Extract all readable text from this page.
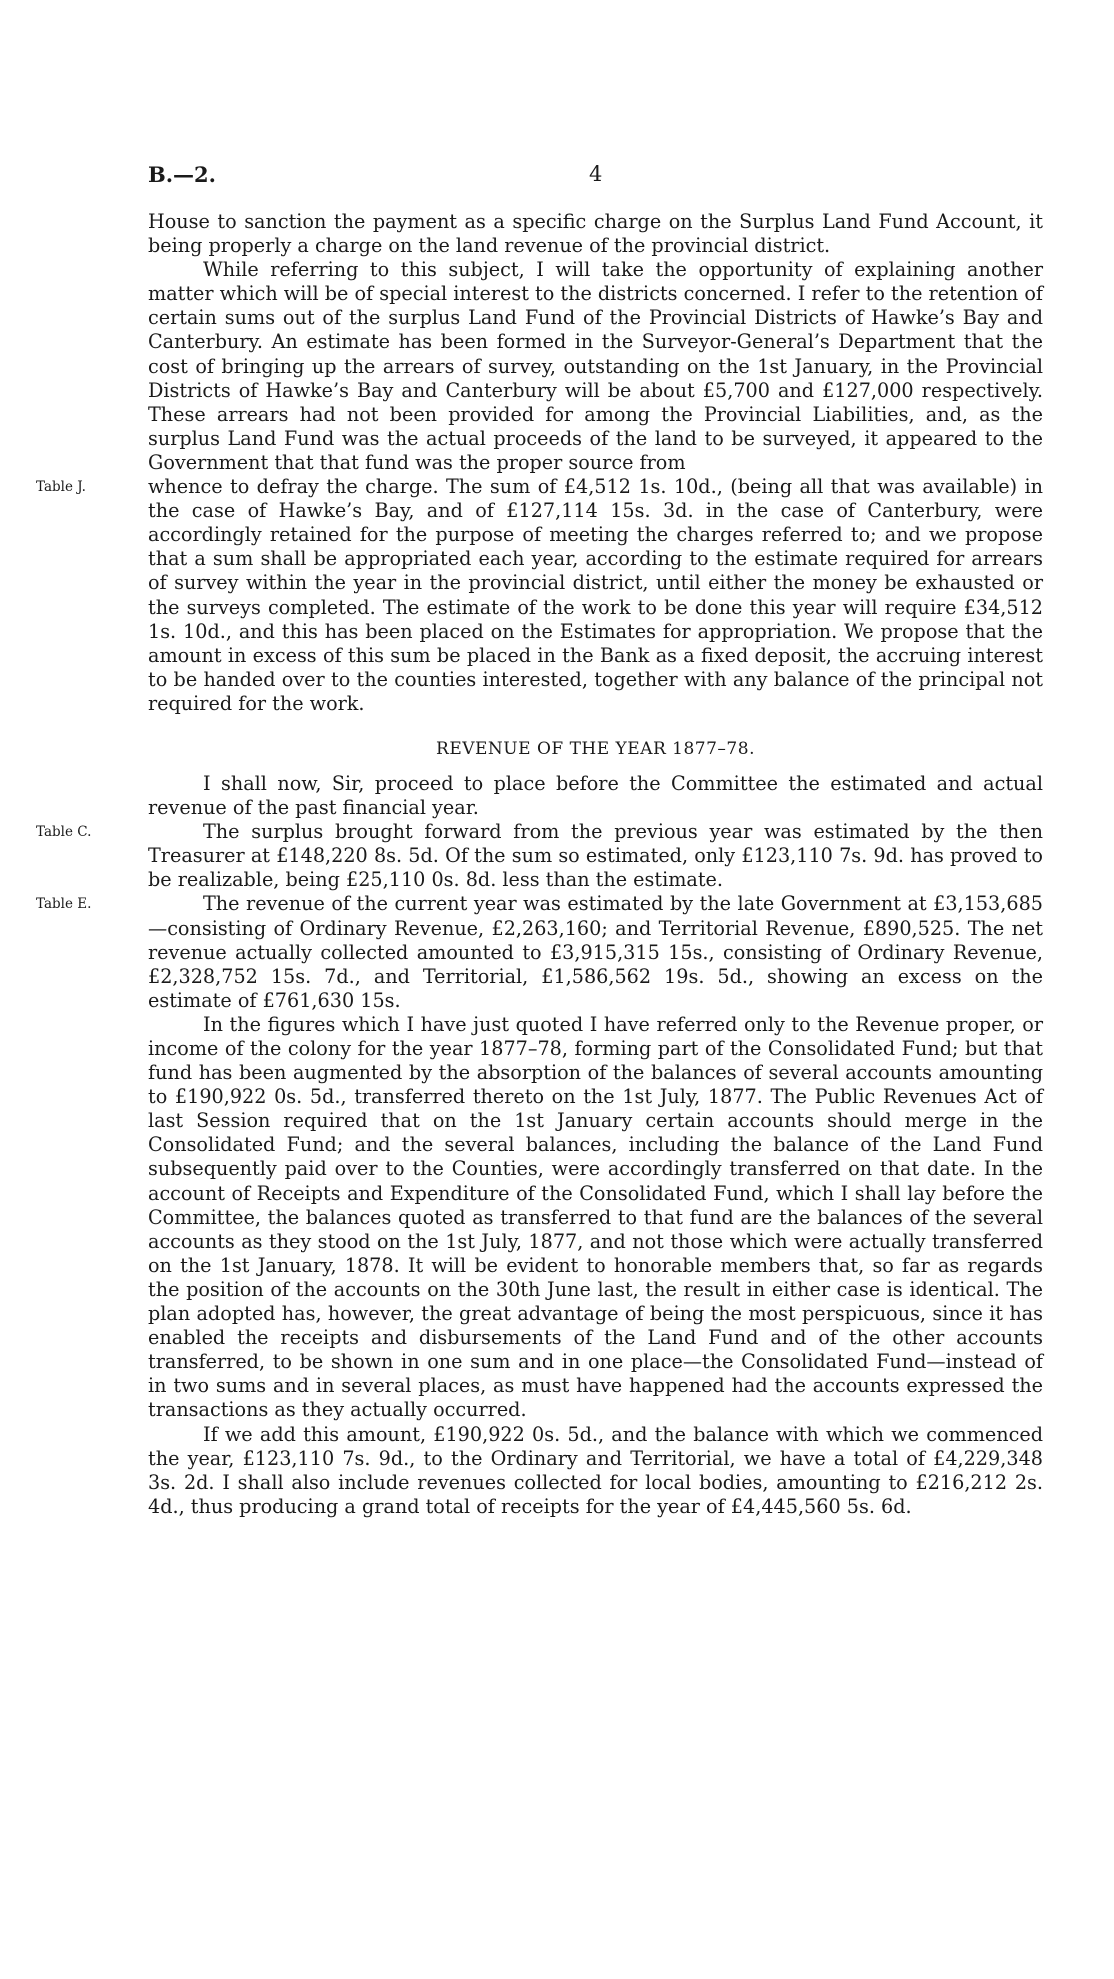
B.—2.	4

House to sanction the payment as a specific charge on the Surplus Land Fund Account, it being properly a charge on the land revenue of the provincial district.

While referring to this subject, I will take the opportunity of explaining another matter which will be of special interest to the districts concerned. I refer to the retention of certain sums out of the surplus Land Fund of the Provincial Districts of Hawke’s Bay and Canterbury. An estimate has been formed in the Surveyor-General’s Department that the cost of bringing up the arrears of survey, outstanding on the 1st January, in the Provincial Districts of Hawke’s Bay and Canterbury will be about £5,700 and £127,000 respectively. These arrears had not been provided for among the Provincial Liabilities, and, as the surplus Land Fund was the actual proceeds of the land to be surveyed, it appeared to the Government that that fund was the proper source from

Table J.	whence to defray the charge. The sum of £4,512 1s. 10d., (being all that was available) in the case of Hawke’s Bay, and of £127,114 15s. 3d. in the case of Canterbury, were accordingly retained for the purpose of meeting the charges referred to; and we propose that a sum shall be appropriated each year, according to the estimate required for arrears of survey within the year in the provincial district, until either the money be exhausted or the surveys completed. The estimate of the work to be done this year will require £34,512 1s. 10d., and this has been placed on the Estimates for appropriation. We propose that the amount in excess of this sum be placed in the Bank as a fixed deposit, the accruing interest to be handed over to the counties interested, together with any balance of the principal not required for the work.

REVENUE OF THE YEAR 1877–78.

I shall now, Sir, proceed to place before the Committee the estimated and actual revenue of the past financial year.

Table C.	The surplus brought forward from the previous year was estimated by the then Treasurer at £148,220 8s. 5d. Of the sum so estimated, only £123,110 7s. 9d. has proved to be realizable, being £25,110 0s. 8d. less than the estimate.

Table E.	The revenue of the current year was estimated by the late Government at £3,153,685—consisting of Ordinary Revenue, £2,263,160; and Territorial Revenue, £890,525. The net revenue actually collected amounted to £3,915,315 15s., consisting of Ordinary Revenue, £2,328,752 15s. 7d., and Territorial, £1,586,562 19s. 5d., showing an excess on the estimate of £761,630 15s.

In the figures which I have just quoted I have referred only to the Revenue proper, or income of the colony for the year 1877–78, forming part of the Consolidated Fund; but that fund has been augmented by the absorption of the balances of several accounts amounting to £190,922 0s. 5d., transferred thereto on the 1st July, 1877. The Public Revenues Act of last Session required that on the 1st January certain accounts should merge in the Consolidated Fund; and the several balances, including the balance of the Land Fund subsequently paid over to the Counties, were accordingly transferred on that date. In the account of Receipts and Expenditure of the Consolidated Fund, which I shall lay before the Committee, the balances quoted as transferred to that fund are the balances of the several accounts as they stood on the 1st July, 1877, and not those which were actually transferred on the 1st January, 1878. It will be evident to honorable members that, so far as regards the position of the accounts on the 30th June last, the result in either case is identical. The plan adopted has, however, the great advantage of being the most perspicuous, since it has enabled the receipts and disbursements of the Land Fund and of the other accounts transferred, to be shown in one sum and in one place—the Consolidated Fund—instead of in two sums and in several places, as must have happened had the accounts expressed the transactions as they actually occurred.

If we add this amount, £190,922 0s. 5d., and the balance with which we commenced the year, £123,110 7s. 9d., to the Ordinary and Territorial, we have a total of £4,229,348 3s. 2d. I shall also include revenues collected for local bodies, amounting to £216,212 2s. 4d., thus producing a grand total of receipts for the year of £4,445,560 5s. 6d.
